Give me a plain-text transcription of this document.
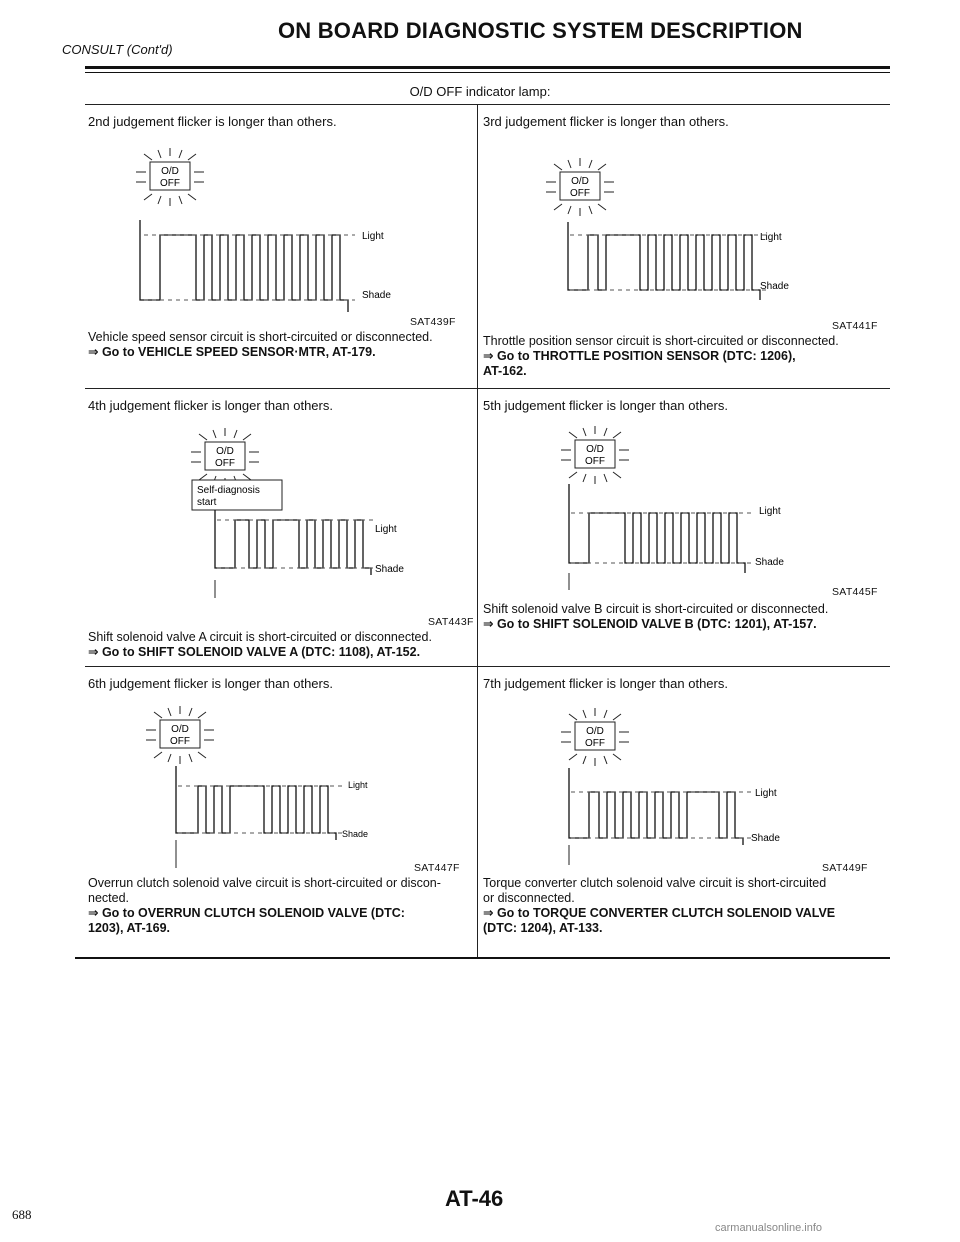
ON BOARD DIAGNOSTIC SYSTEM DESCRIPTION
CONSULT (Cont'd)
O/D OFF indicator lamp:
2nd judgement flicker is longer than others.
O/D
OFF
Light
Shade
SAT439F
Vehicle speed sensor circuit is short-circuited or disconnected.
⇒ Go to VEHICLE SPEED SENSOR·MTR, AT-179.
3rd judgement flicker is longer than others.
O/D
OFF
Light
Shade
SAT441F
Throttle position sensor circuit is short-circuited or disconnected.
⇒ Go to THROTTLE POSITION SENSOR (DTC: 1206),
AT-162.
4th judgement flicker is longer than others.
O/D
OFF
Self-diagnosis
start
Light
Shade
SAT443F
Shift solenoid valve A circuit is short-circuited or disconnected.
⇒ Go to SHIFT SOLENOID VALVE A (DTC: 1108), AT-152.
5th judgement flicker is longer than others.
O/D
OFF
Light
Shade
SAT445F
Shift solenoid valve B circuit is short-circuited or disconnected.
⇒ Go to SHIFT SOLENOID VALVE B (DTC: 1201), AT-157.
6th judgement flicker is longer than others.
O/D
OFF
Light
Shade
SAT447F
Overrun clutch solenoid valve circuit is short-circuited or discon-
nected.
⇒ Go to OVERRUN CLUTCH SOLENOID VALVE (DTC:
1203), AT-169.
7th judgement flicker is longer than others.
O/D
OFF
Light
Shade
SAT449F
Torque converter clutch solenoid valve circuit is short-circuited
or disconnected.
⇒ Go to TORQUE CONVERTER CLUTCH SOLENOID VALVE
(DTC: 1204), AT-133.
AT-46
688
carmanualsonline.info
